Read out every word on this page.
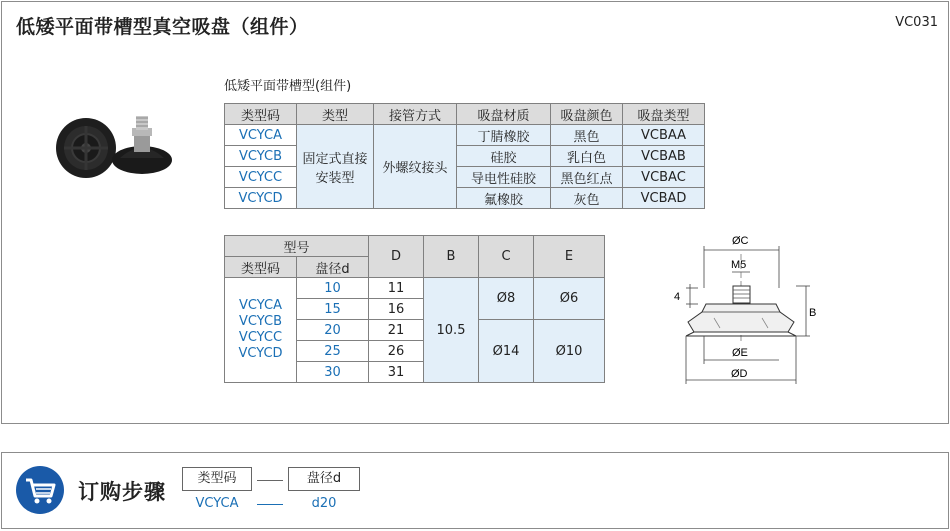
低矮平面带槽型真空吸盘（组件）	VC031
低矮平面带槽型(组件)
类型码	类型	接管方式	吸盘材质	吸盘颜色	吸盘类型
VCYCA	固定式直接安装型	外螺纹接头	丁腈橡胶	黑色	VCBAA
VCYCB			硅胶	乳白色	VCBAB
VCYCC			导电性硅胶	黑色红点	VCBAC
VCYCD			氟橡胶	灰色	VCBAD
型号		D	B	C	E
类型码	盘径d				

VCYCA
VCYCB
VCYCC
VCYCD	10	11	10.5	Ø8	Ø6
	15	16			
	20	21		Ø14	Ø10
	25	26			
	30	31			
ØC
M5
4
B
ØE
ØD
订购步骤
类型码	盘径d
VCYCA	d20
